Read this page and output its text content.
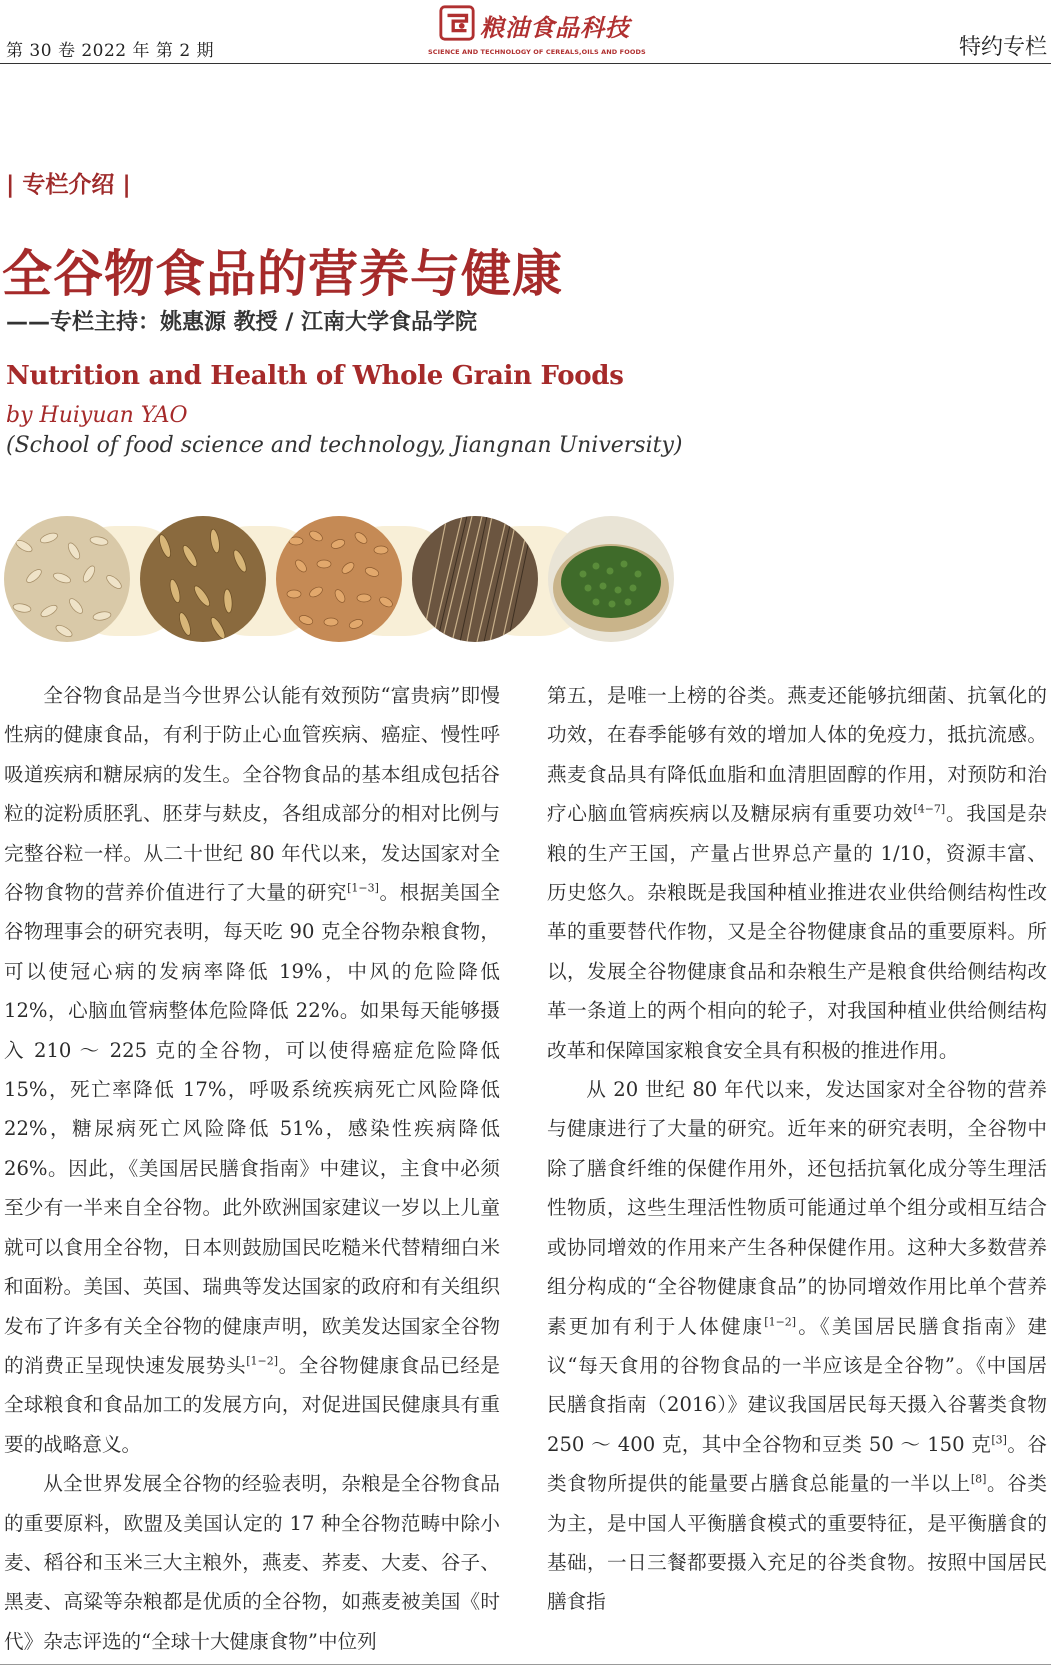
第 30 卷 2022 年 第 2 期
粮油食品科技
SCIENCE AND TECHNOLOGY OF CEREALS,OILS AND FOODS	特约专栏
| 专栏介绍 |
全谷物食品的营养与健康
——专栏主持：姚惠源 教授 / 江南大学食品学院
Nutrition and Health of Whole Grain Foods
by Huiyuan YAO
(School of food science and technology, Jiangnan University)

全谷物食品是当今世界公认能有效预防“富贵病”即慢性病的健康食品，有利于防止心血管疾病、癌症、慢性呼吸道疾病和糖尿病的发生。全谷物食品的基本组成包括谷粒的淀粉质胚乳、胚芽与麸皮，各组成部分的相对比例与完整谷粒一样。从二十世纪 80 年代以来，发达国家对全谷物食物的营养价值进行了大量的研究[1−3]。根据美国全谷物理事会的研究表明，每天吃 90 克全谷物杂粮食物，可以使冠心病的发病率降低 19%，中风的危险降低 12%，心脑血管病整体危险降低 22%。如果每天能够摄入 210 ～ 225 克的全谷物，可以使得癌症危险降低 15%，死亡率降低 17%，呼吸系统疾病死亡风险降低 22%，糖尿病死亡风险降低 51%，感染性疾病降低 26%。因此，《美国居民膳食指南》中建议，主食中必须至少有一半来自全谷物。此外欧洲国家建议一岁以上儿童就可以食用全谷物，日本则鼓励国民吃糙米代替精细白米和面粉。美国、英国、瑞典等发达国家的政府和有关组织发布了许多有关全谷物的健康声明，欧美发达国家全谷物的消费正呈现快速发展势头[1−2]。全谷物健康食品已经是全球粮食和食品加工的发展方向，对促进国民健康具有重要的战略意义。

从全世界发展全谷物的经验表明，杂粮是全谷物食品的重要原料，欧盟及美国认定的 17 种全谷物范畴中除小麦、稻谷和玉米三大主粮外，燕麦、荞麦、大麦、谷子、黑麦、高粱等杂粮都是优质的全谷物，如燕麦被美国《时代》杂志评选的“全球十大健康食物”中位列

第五，是唯一上榜的谷类。燕麦还能够抗细菌、抗氧化的功效，在春季能够有效的增加人体的免疫力，抵抗流感。燕麦食品具有降低血脂和血清胆固醇的作用，对预防和治疗心脑血管病疾病以及糖尿病有重要功效[4−7]。我国是杂粮的生产王国，产量占世界总产量的 1/10，资源丰富、历史悠久。杂粮既是我国种植业推进农业供给侧结构性改革的重要替代作物，又是全谷物健康食品的重要原料。所以，发展全谷物健康食品和杂粮生产是粮食供给侧结构改革一条道上的两个相向的轮子，对我国种植业供给侧结构改革和保障国家粮食安全具有积极的推进作用。

从 20 世纪 80 年代以来，发达国家对全谷物的营养与健康进行了大量的研究。近年来的研究表明，全谷物中除了膳食纤维的保健作用外，还包括抗氧化成分等生理活性物质，这些生理活性物质可能通过单个组分或相互结合或协同增效的作用来产生各种保健作用。这种大多数营养组分构成的“全谷物健康食品”的协同增效作用比单个营养素更加有利于人体健康[1−2]。《美国居民膳食指南》建议“每天食用的谷物食品的一半应该是全谷物”。《中国居民膳食指南（2016）》建议我国居民每天摄入谷薯类食物 250 ～ 400 克，其中全谷物和豆类 50 ～ 150 克[3]。谷类食物所提供的能量要占膳食总能量的一半以上[8]。谷类为主，是中国人平衡膳食模式的重要特征，是平衡膳食的基础，一日三餐都要摄入充足的谷类食物。按照中国居民膳食指
